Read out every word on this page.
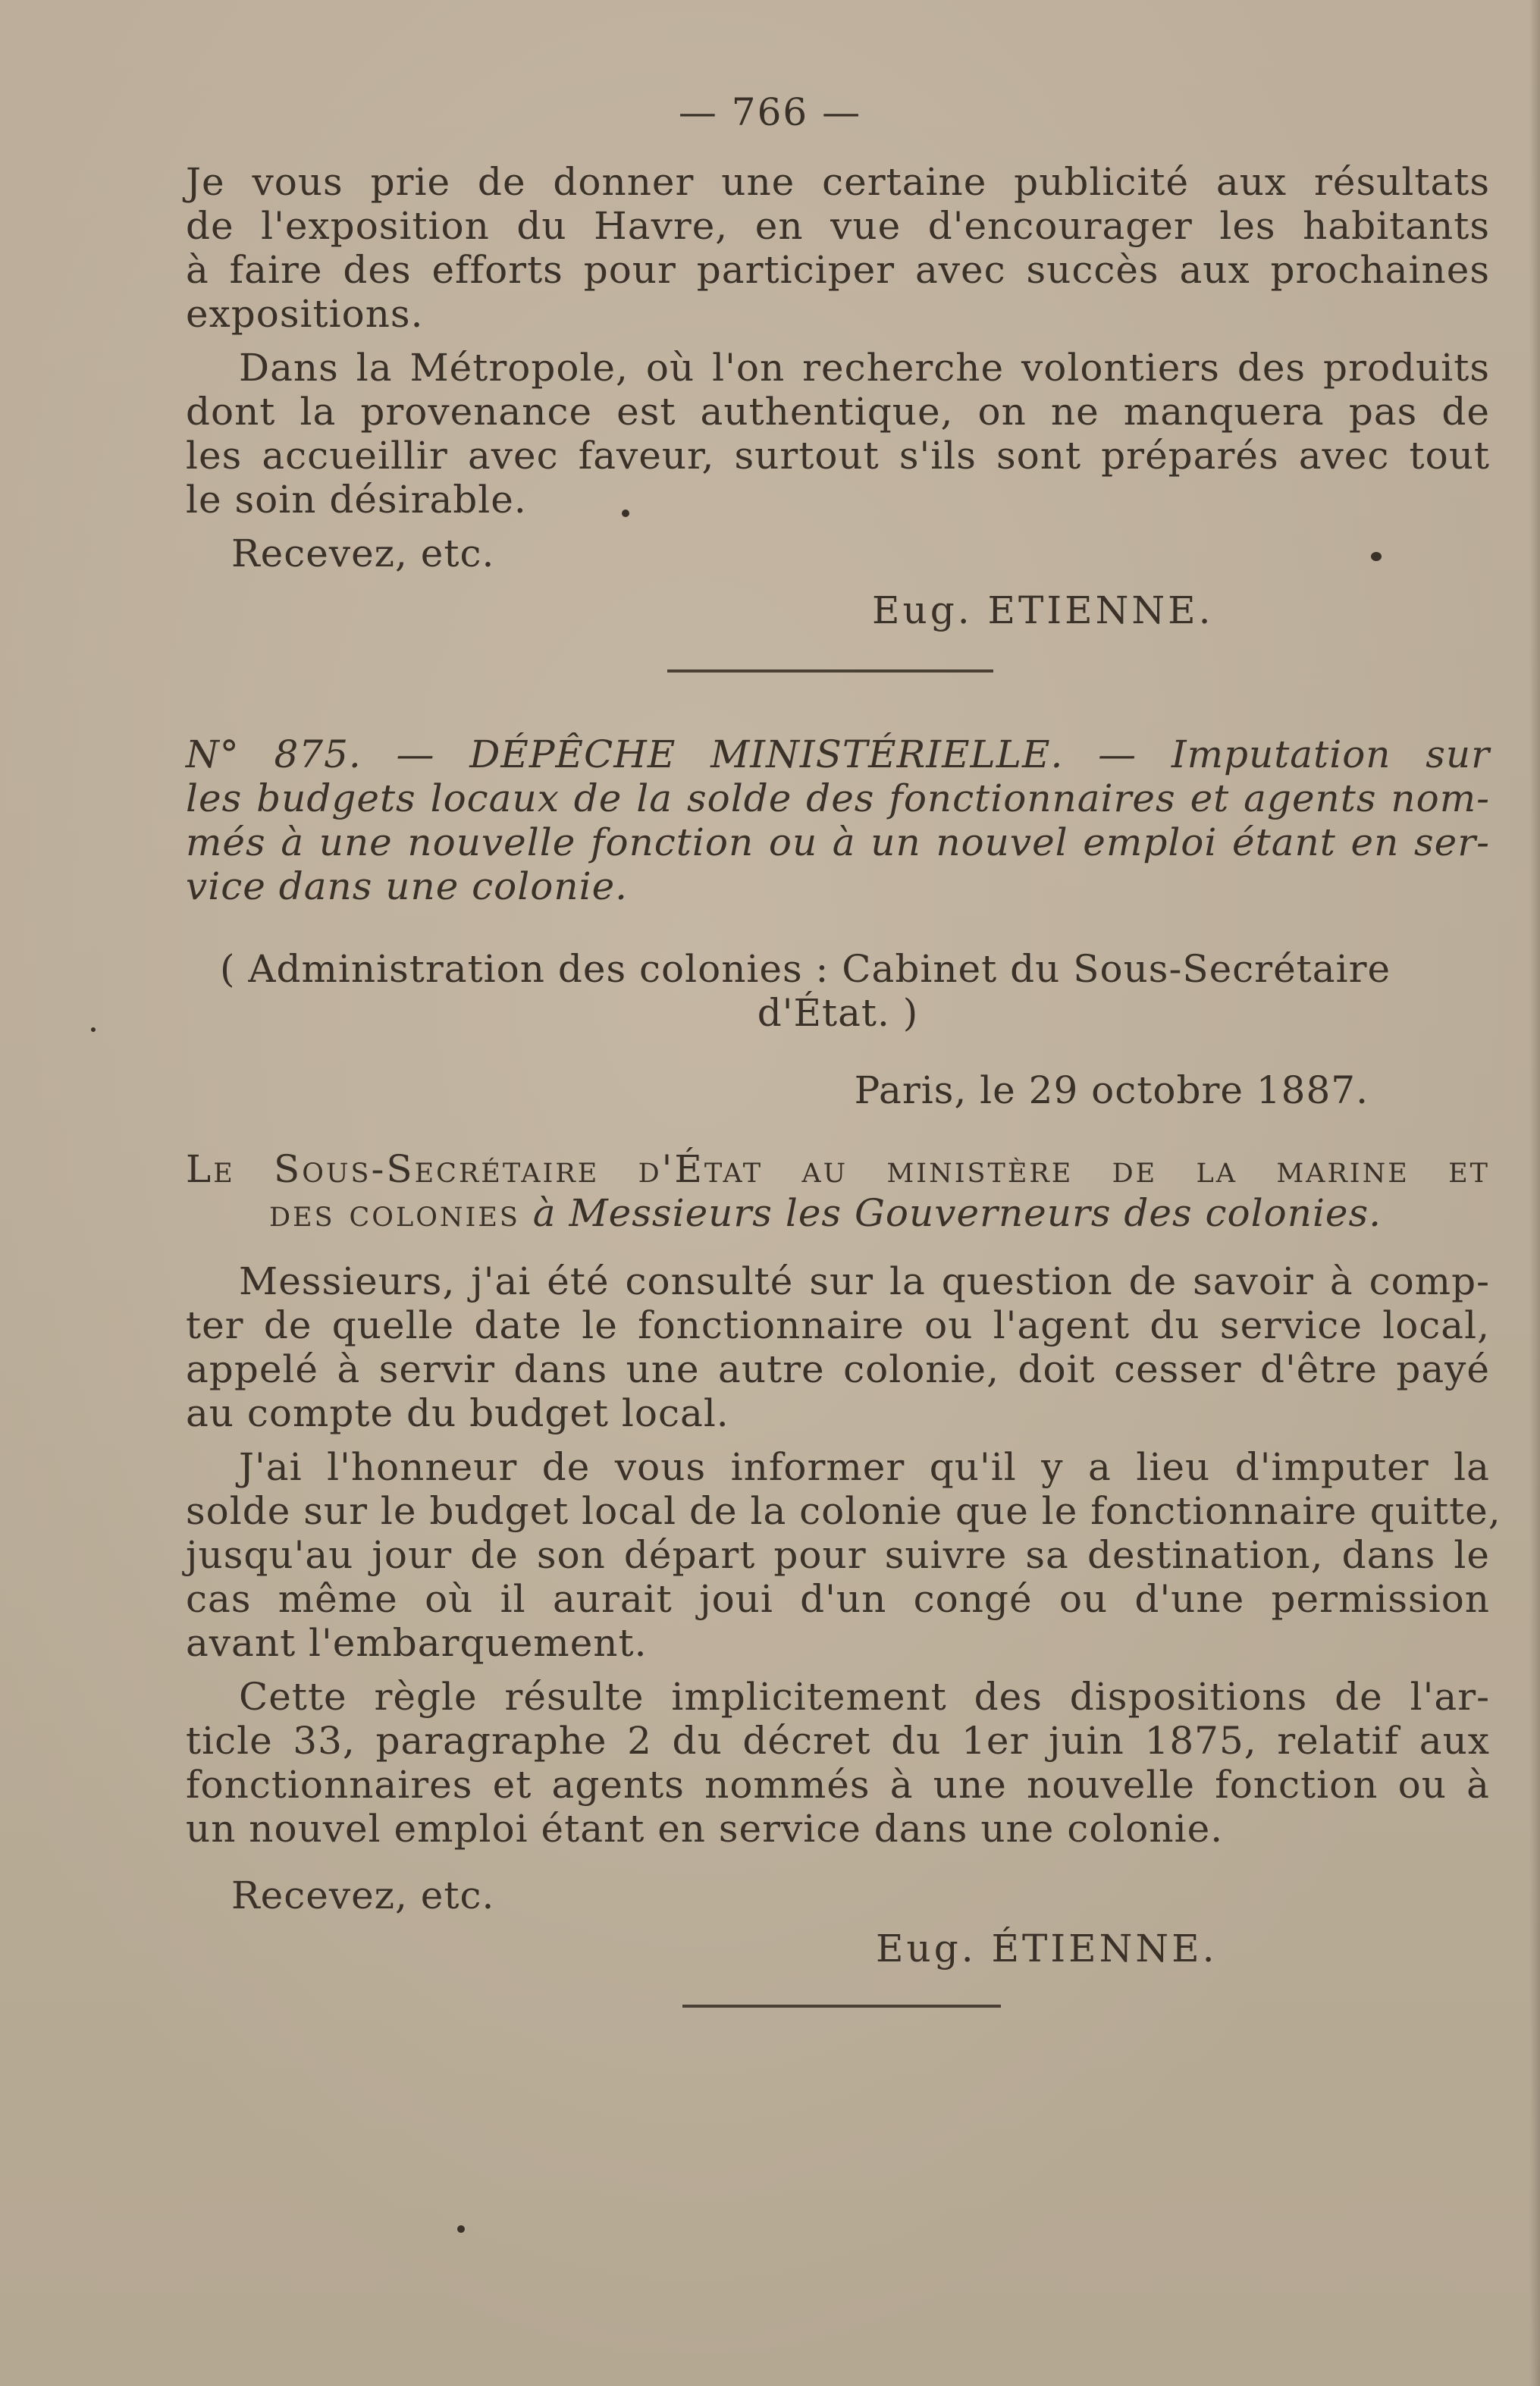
— 766 —
Je vous prie de donner une certaine publicité aux résultats
de l'exposition du Havre, en vue d'encourager les habitants
à faire des efforts pour participer avec succès aux prochaines
expositions.
Dans la Métropole, où l'on recherche volontiers des produits
dont la provenance est authentique, on ne manquera pas de
les accueillir avec faveur, surtout s'ils sont préparés avec tout
le soin désirable.
Recevez, etc.
Eug. ETIENNE.
N° 875. — DÉPÊCHE MINISTÉRIELLE. — Imputation sur
les budgets locaux de la solde des fonctionnaires et agents nom-
més à une nouvelle fonction ou à un nouvel emploi étant en ser-
vice dans une colonie.
( Administration des colonies : Cabinet du Sous-Secrétaire
d'État. )
Paris, le 29 octobre 1887.
Le Sous-Secrétaire d'État au ministère de la marine et
des colonies à Messieurs les Gouverneurs des colonies.
Messieurs, j'ai été consulté sur la question de savoir à comp-
ter de quelle date le fonctionnaire ou l'agent du service local,
appelé à servir dans une autre colonie, doit cesser d'être payé
au compte du budget local.
J'ai l'honneur de vous informer qu'il y a lieu d'imputer la
solde sur le budget local de la colonie que le fonctionnaire quitte,
jusqu'au jour de son départ pour suivre sa destination, dans le
cas même où il aurait joui d'un congé ou d'une permission
avant l'embarquement.
Cette règle résulte implicitement des dispositions de l'ar-
ticle 33, paragraphe 2 du décret du 1er juin 1875, relatif aux
fonctionnaires et agents nommés à une nouvelle fonction ou à
un nouvel emploi étant en service dans une colonie.
Recevez, etc.
Eug. ÉTIENNE.
